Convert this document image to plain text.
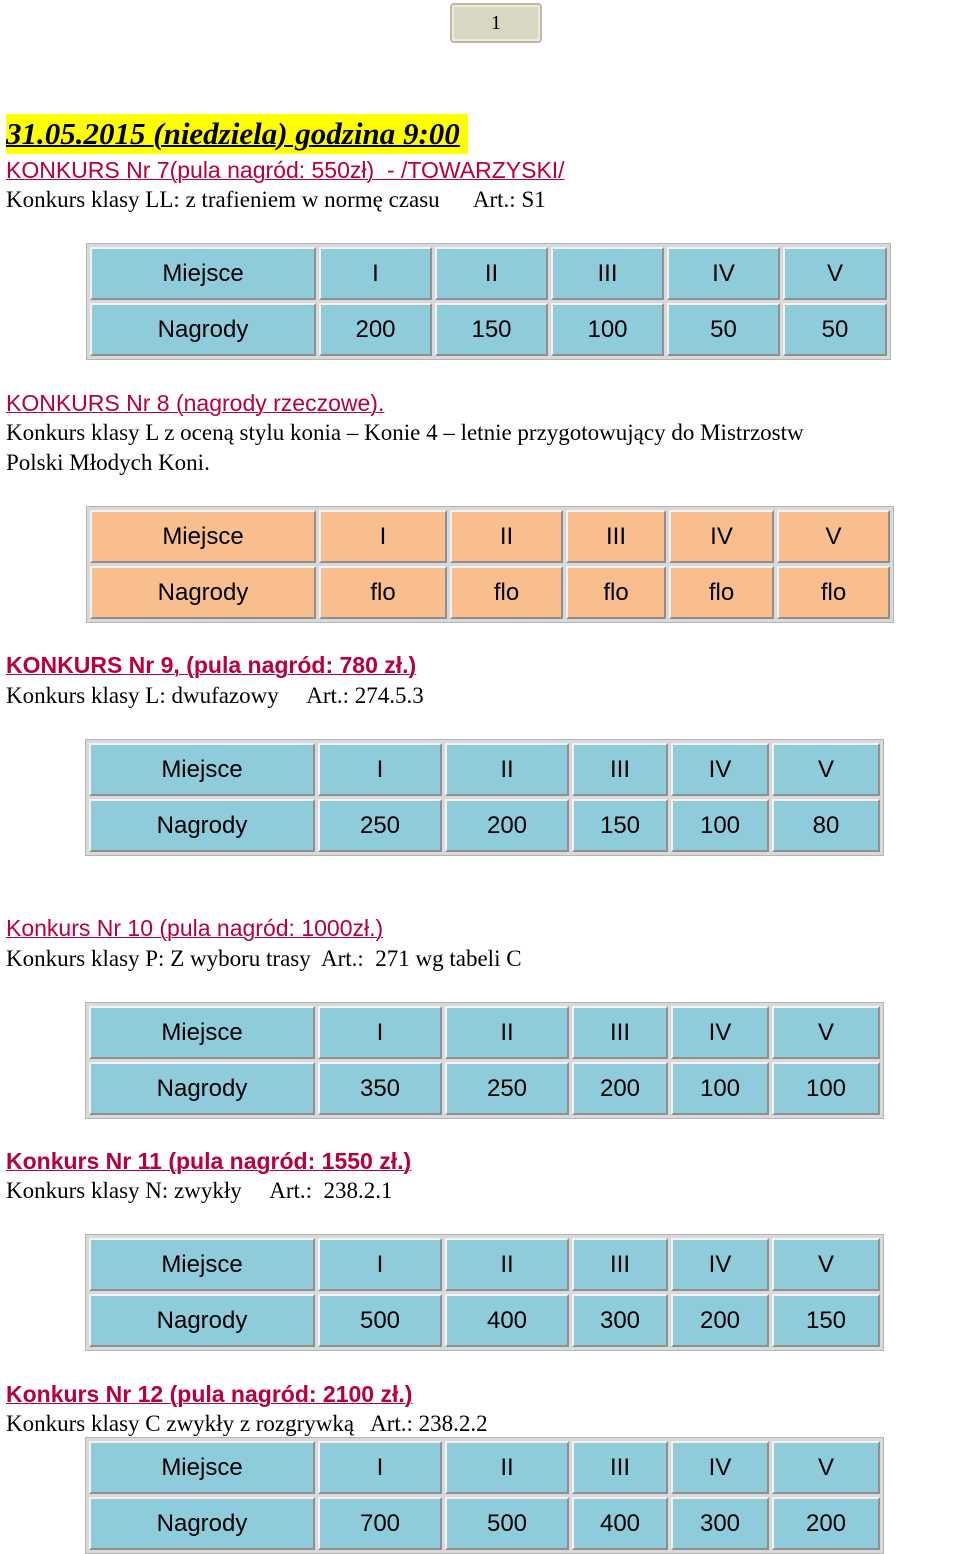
1
31.05.2015 (niedziela) godzina 9:00
KONKURS Nr 7(pula nagród: 550zł)  - /TOWARZYSKI/
Konkurs klasy LL: z trafieniem w normę czasu      Art.: S1
Miejsce	I	II	III	IV	V
Nagrody	200	150	100	50	50
KONKURS Nr 8 (nagrody rzeczowe).
Konkurs klasy L z oceną stylu konia – Konie 4 – letnie przygotowujący do Mistrzostw
Polski Młodych Koni.
Miejsce	I	II	III	IV	V
Nagrody	flo	flo	flo	flo	flo
KONKURS Nr 9, (pula nagród: 780 zł.)
Konkurs klasy L: dwufazowy     Art.: 274.5.3
Miejsce	I	II	III	IV	V
Nagrody	250	200	150	100	80
Konkurs Nr 10 (pula nagród: 1000zł.)
Konkurs klasy P: Z wyboru trasy  Art.:  271 wg tabeli C
Miejsce	I	II	III	IV	V
Nagrody	350	250	200	100	100
Konkurs Nr 11 (pula nagród: 1550 zł.)
Konkurs klasy N: zwykły     Art.:  238.2.1
Miejsce	I	II	III	IV	V
Nagrody	500	400	300	200	150
Konkurs Nr 12 (pula nagród: 2100 zł.)
Konkurs klasy C zwykły z rozgrywką   Art.: 238.2.2
Miejsce	I	II	III	IV	V
Nagrody	700	500	400	300	200
